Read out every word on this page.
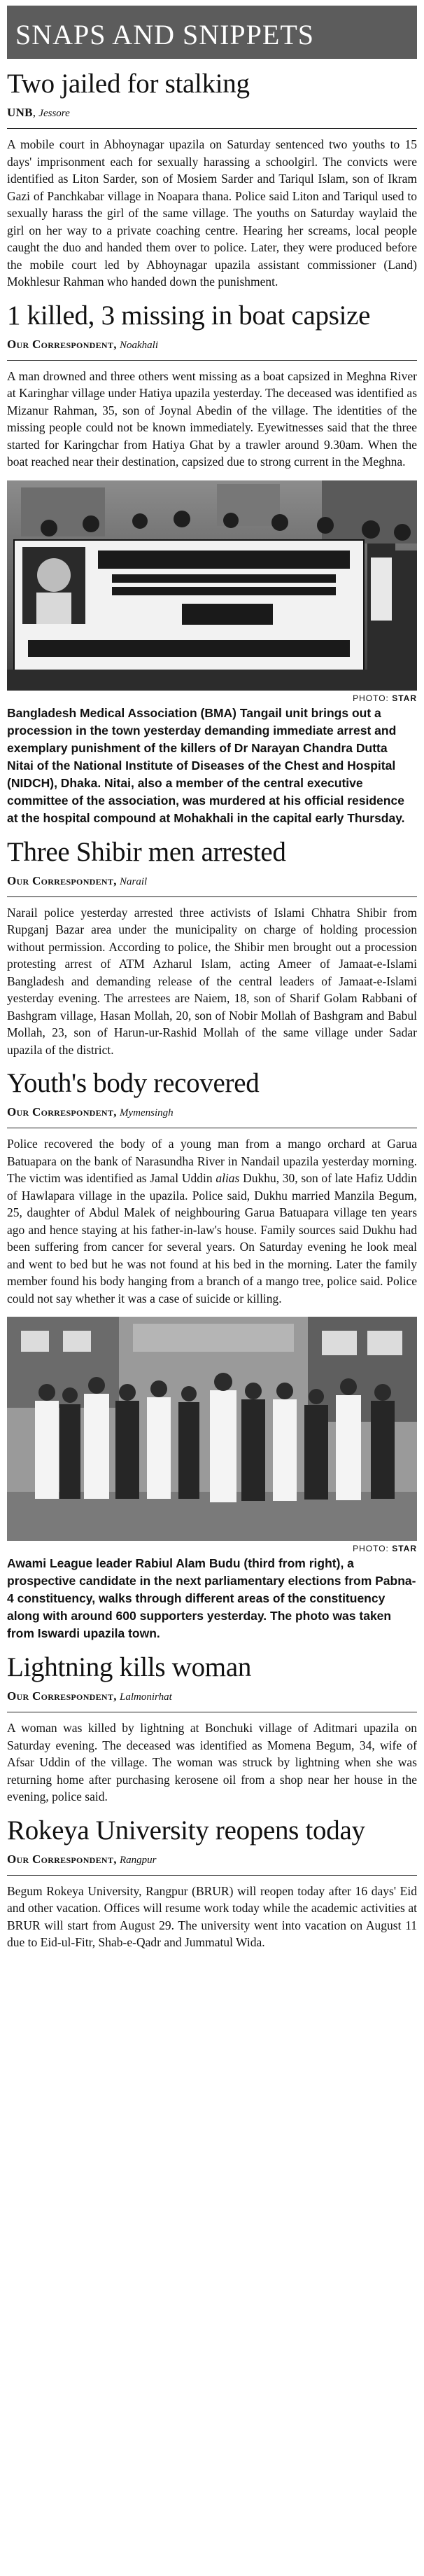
SNAPS AND SNIPPETS
Two jailed for stalking
UNB, Jessore

A mobile court in Abhoynagar upazila on Saturday sentenced two youths to 15 days' imprisonment each for sexually harassing a schoolgirl. The convicts were identified as Liton Sarder, son of Mosiem Sarder and Tariqul Islam, son of Ikram Gazi of Panchkabar village in Noapara thana. Police said Liton and Tariqul used to sexually harass the girl of the same village. The youths on Saturday waylaid the girl on her way to a private coaching centre. Hearing her screams, local people caught the duo and handed them over to police. Later, they were produced before the mobile court led by Abhoynagar upazila assistant commissioner (Land) Mokhlesur Rahman who handed down the punishment.

1 killed, 3 missing in boat capsize
Our Correspondent, Noakhali

A man drowned and three others went missing as a boat capsized in Meghna River at Karinghar village under Hatiya upazila yesterday. The deceased was identified as Mizanur Rahman, 35, son of Joynal Abedin of the village. The identities of the missing people could not be known immediately. Eyewitnesses said that the three started for Karingchar from Hatiya Ghat by a trawler around 9.30am. When the boat reached near their destination, capsized due to strong current in the Meghna.

PHOTO: STAR
Bangladesh Medical Association (BMA) Tangail unit brings out a procession in the town yesterday demanding immediate arrest and exemplary punishment of the killers of Dr Narayan Chandra Dutta Nitai of the National Institute of Diseases of the Chest and Hospital (NIDCH), Dhaka. Nitai, also a member of the central executive committee of the association, was murdered at his official residence at the hospital compound at Mohakhali in the capital early Thursday.
Three Shibir men arrested
Our Correspondent, Narail

Narail police yesterday arrested three activists of Islami Chhatra Shibir from Rupganj Bazar area under the municipality on charge of holding procession without permission. According to police, the Shibir men brought out a procession protesting arrest of ATM Azharul Islam, acting Ameer of Jamaat-e-Islami Bangladesh and demanding release of the central leaders of Jamaat-e-Islami yesterday evening. The arrestees are Naiem, 18, son of Sharif Golam Rabbani of Bashgram village, Hasan Mollah, 20, son of Nobir Mollah of Bashgram and Babul Mollah, 23, son of Harun-ur-Rashid Mollah of the same village under Sadar upazila of the district.

Youth's body recovered
Our Correspondent, Mymensingh

Police recovered the body of a young man from a mango orchard at Garua Batuapara on the bank of Narasundha River in Nandail upazila yesterday morning. The victim was identified as Jamal Uddin alias Dukhu, 30, son of late Hafiz Uddin of Hawlapara village in the upazila. Police said, Dukhu married Manzila Begum, 25, daughter of Abdul Malek of neighbouring Garua Batuapara village ten years ago and hence staying at his father-in-law's house. Family sources said Dukhu had been suffering from cancer for several years. On Saturday evening he look meal and went to bed but he was not found at his bed in the morning. Later the family member found his body hanging from a branch of a mango tree, police said. Police could not say whether it was a case of suicide or killing.

PHOTO: STAR
Awami League leader Rabiul Alam Budu (third from right), a prospective candidate in the next parliamentary elections from Pabna-4 constituency, walks through different areas of the constituency along with around 600 supporters yesterday. The photo was taken from Iswardi upazila town.
Lightning kills woman
Our Correspondent, Lalmonirhat

A woman was killed by lightning at Bonchuki village of Aditmari upazila on Saturday evening. The deceased was identified as Momena Begum, 34, wife of Afsar Uddin of the village. The woman was struck by lightning when she was returning home after purchasing kerosene oil from a shop near her house in the evening, police said.

Rokeya University reopens today
Our Correspondent, Rangpur

Begum Rokeya University, Rangpur (BRUR) will reopen today after 16 days' Eid and other vacation. Offices will resume work today while the academic activities at BRUR will start from August 29. The university went into vacation on August 11 due to Eid-ul-Fitr, Shab-e-Qadr and Jummatul Wida.
